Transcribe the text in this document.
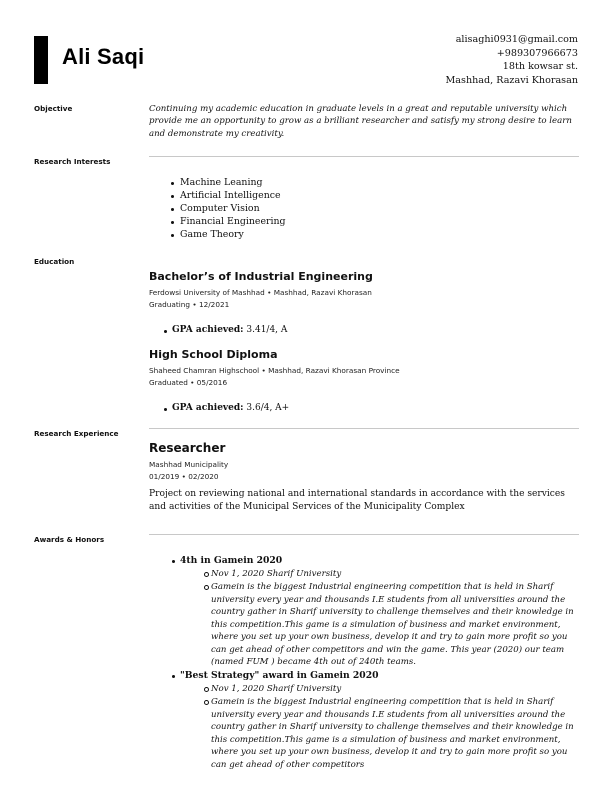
Ali Saqi
alisaghi0931@gmail.com
+989307966673
18th kowsar st.
Mashhad, Razavi Khorasan
Objective	Continuing my academic education in graduate levels in a great and reputable university which provide me an opportunity to grow as a brilliant researcher and satisfy my strong desire to learn and demonstrate my creativity.
Research Interests
Machine Leaning
Artificial Intelligence
Computer Vision
Financial Engineering
Game Theory
Education
Bachelor’s of Industrial Engineering
Ferdowsi University of Mashhad • Mashhad, Razavi Khorasan
Graduating • 12/2021
GPA achieved: 3.41/4, A
High School Diploma
Shaheed Chamran Highschool • Mashhad, Razavi Khorasan Province
Graduated • 05/2016
GPA achieved: 3.6/4, A+
Research Experience
Researcher
Mashhad Municipality
01/2019 • 02/2020
Project on reviewing national and international standards in accordance with the services and activities of the Municipal Services of the Municipality Complex
Awards & Honors
4th in Gamein 2020
Nov 1, 2020 Sharif University
Gamein is the biggest Industrial engineering competition that is held in Sharif university every year and thousands I.E students from all universities around the country gather in Sharif university to challenge themselves and their knowledge in this competition.This game is a simulation of business and market environment, where you set up your own business, develop it and try to gain more profit so you can get ahead of other competitors and win the game. This year (2020) our team (named FUM ) became 4th out of 240th teams.
"Best Strategy" award in Gamein 2020
Nov 1, 2020 Sharif University
Gamein is the biggest Industrial engineering competition that is held in Sharif university every year and thousands I.E students from all universities around the country gather in Sharif university to challenge themselves and their knowledge in this competition.This game is a simulation of business and market environment, where you set up your own business, develop it and try to gain more profit so you can get ahead of other competitors
